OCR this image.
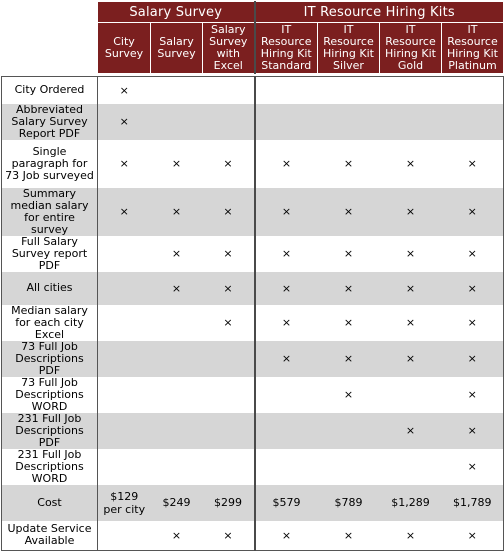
	Salary Survey			IT Resource Hiring Kits			
	City Survey	Salary Survey	Salary Survey with Excel	IT Resource Hiring Kit Standard	IT Resource Hiring Kit Silver	IT Resource Hiring Kit Gold	IT Resource Hiring Kit Platinum

City Ordered	×						
Abbreviated Salary Survey Report PDF	×						
Single paragraph for 73 Job surveyed	×	×	×	×	×	×	×
Summary median salary for entire survey	×	×	×	×	×	×	×
Full Salary Survey report PDF		×	×	×	×	×	×
All cities		×	×	×	×	×	×
Median salary for each city Excel			×	×	×	×	×
73 Full Job Descriptions PDF				×	×	×	×
73 Full Job Descriptions WORD					×		×
231 Full Job Descriptions PDF						×	×
231 Full Job Descriptions WORD							×
Cost	$129 per city	$249	$299	$579	$789	$1,289	$1,789
Update Service Available		×	×	×	×	×	×
